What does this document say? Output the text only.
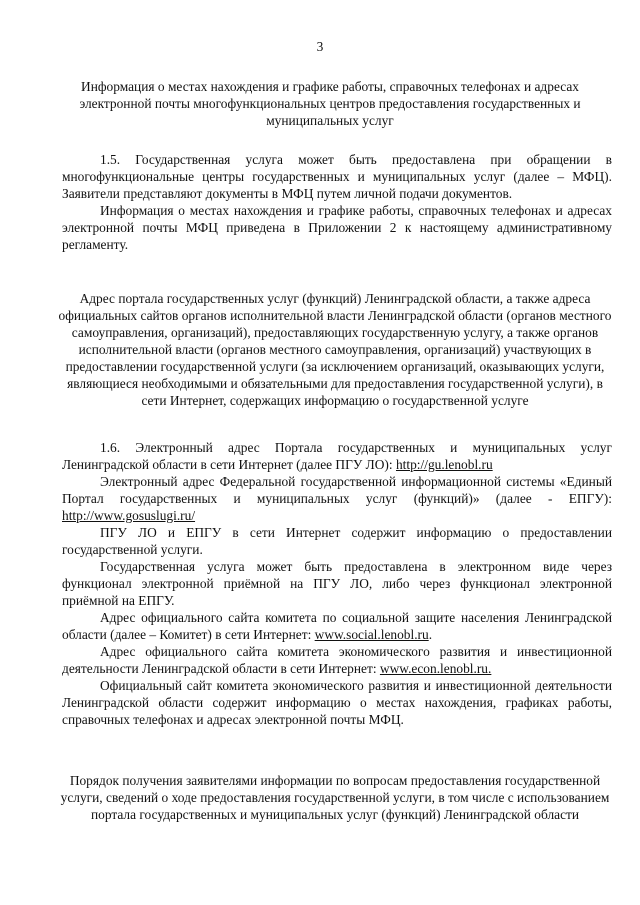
3
Информация о местах нахождения и графике работы, справочных телефонах и адресах электронной почты многофункциональных центров предоставления государственных и муниципальных услуг

1.5. Государственная услуга может быть предоставлена при обращении в многофункциональные центры государственных и муниципальных услуг (далее – МФЦ). Заявители представляют документы в МФЦ путем личной подачи документов.

Информация о местах нахождения и графике работы, справочных телефонах и адресах электронной почты МФЦ приведена в Приложении 2 к настоящему административному регламенту.

Адрес портала государственных услуг (функций) Ленинградской области, а также адреса официальных сайтов органов исполнительной власти Ленинградской области (органов местного самоуправления, организаций), предоставляющих государственную услугу, а также органов исполнительной власти (органов местного самоуправления, организаций) участвующих в предоставлении государственной услуги (за исключением организаций, оказывающих услуги, являющиеся необходимыми и обязательными для предоставления государственной услуги), в сети Интернет, содержащих информацию о государственной услуге

1.6. Электронный адрес Портала государственных и муниципальных услуг Ленинградской области в сети Интернет (далее ПГУ ЛО): http://gu.lenobl.ru

Электронный адрес Федеральной государственной информационной системы «Единый Портал государственных и муниципальных услуг (функций)» (далее - ЕПГУ): http://www.gosuslugi.ru/

ПГУ ЛО и ЕПГУ в сети Интернет содержит информацию о предоставлении государственной услуги.

Государственная услуга может быть предоставлена в электронном виде через функционал электронной приёмной на ПГУ ЛО, либо через функционал электронной приёмной на ЕПГУ.

Адрес официального сайта комитета по социальной защите населения Ленинградской области (далее – Комитет) в сети Интернет: www.social.lenobl.ru.

Адрес официального сайта комитета экономического развития и инвестиционной деятельности Ленинградской области в сети Интернет: www.econ.lenobl.ru.

Официальный сайт комитета экономического развития и инвестиционной деятельности Ленинградской области содержит информацию о местах нахождения, графиках работы, справочных телефонах и адресах электронной почты МФЦ.

Порядок получения заявителями информации по вопросам предоставления государственной услуги, сведений о ходе предоставления государственной услуги, в том числе с использованием портала государственных и муниципальных услуг (функций) Ленинградской области
